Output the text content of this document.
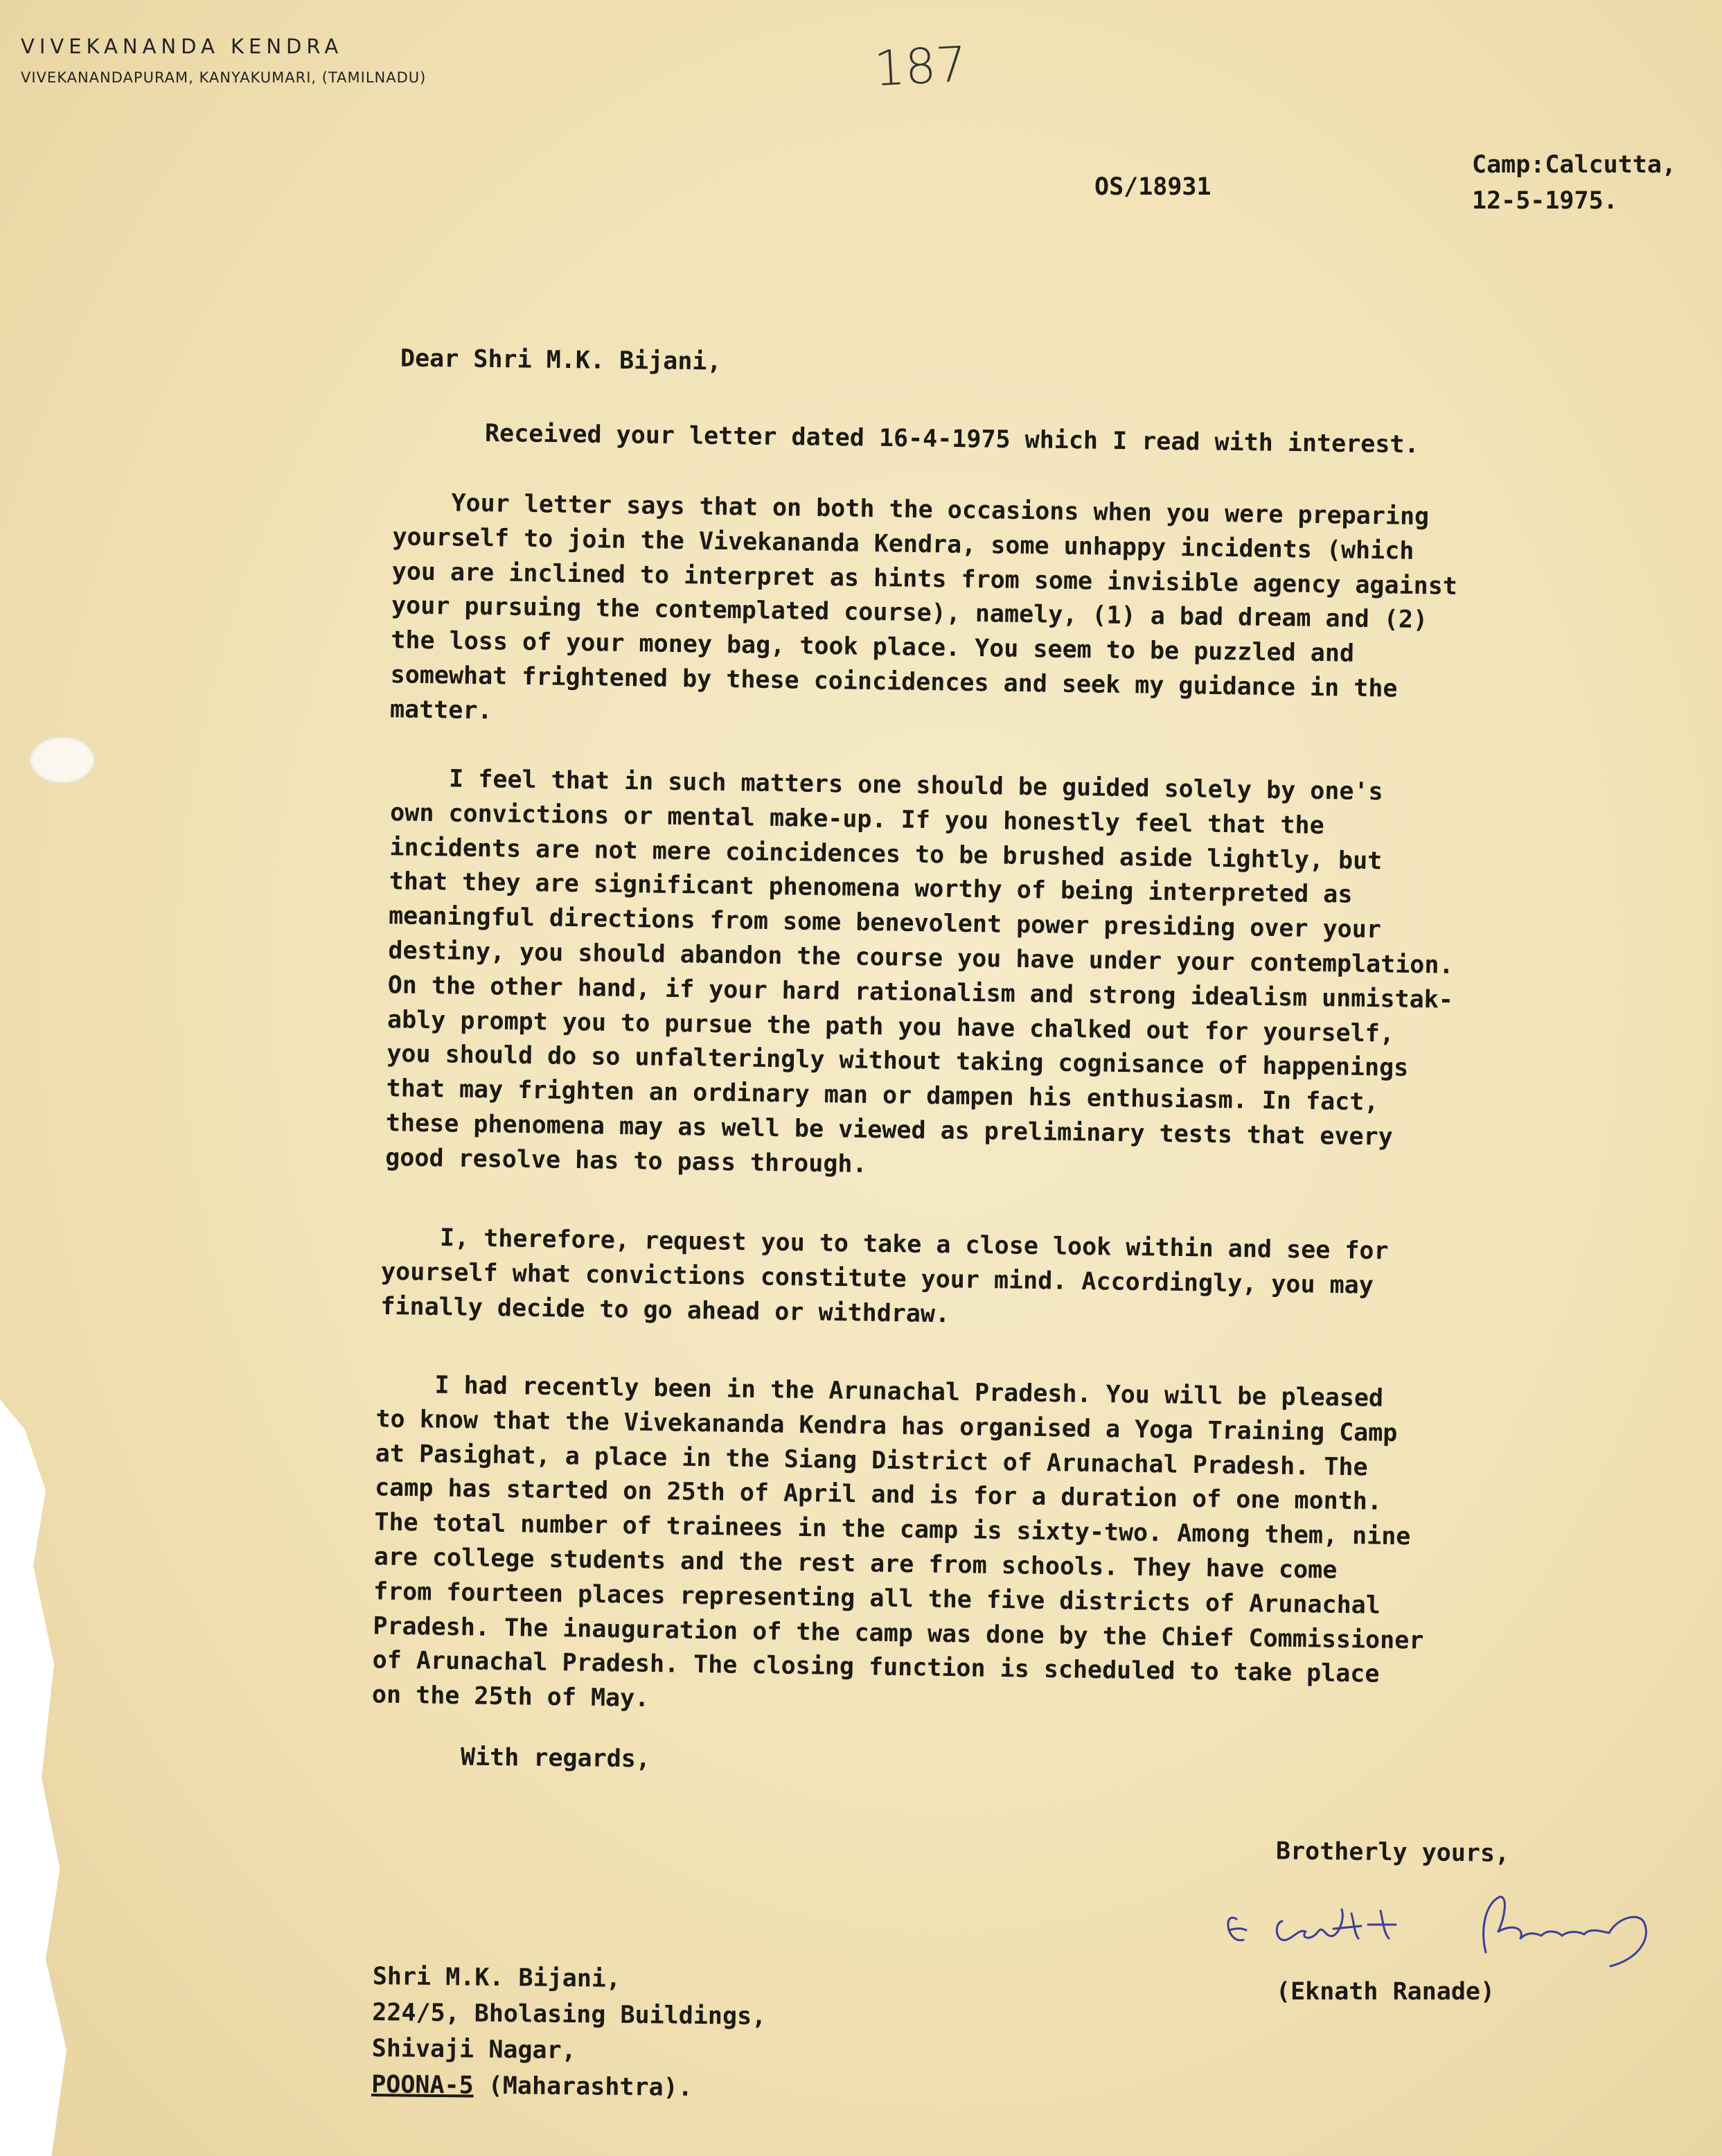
VIVEKANANDA KENDRA
VIVEKANANDAPURAM, KANYAKUMARI, (TAMILNADU)	187
OS/18931
Camp:Calcutta,
12-5-1975.
Dear Shri M.K. Bijani,
Received your letter dated 16-4-1975 which I read with interest.
Your letter says that on both the occasions when you were preparing
yourself to join the Vivekananda Kendra, some unhappy incidents (which
you are inclined to interpret as hints from some invisible agency against
your pursuing the contemplated course), namely, (1) a bad dream and (2)
the loss of your money bag, took place. You seem to be puzzled and
somewhat frightened by these coincidences and seek my guidance in the
matter.
I feel that in such matters one should be guided solely by one's
own convictions or mental make-up. If you honestly feel that the
incidents are not mere coincidences to be brushed aside lightly, but
that they are significant phenomena worthy of being interpreted as
meaningful directions from some benevolent power presiding over your
destiny, you should abandon the course you have under your contemplation.
On the other hand, if your hard rationalism and strong idealism unmistak-
ably prompt you to pursue the path you have chalked out for yourself,
you should do so unfalteringly without taking cognisance of happenings
that may frighten an ordinary man or dampen his enthusiasm. In fact,
these phenomena may as well be viewed as preliminary tests that every
good resolve has to pass through.
I, therefore, request you to take a close look within and see for
yourself what convictions constitute your mind. Accordingly, you may
finally decide to go ahead or withdraw.
I had recently been in the Arunachal Pradesh. You will be pleased
to know that the Vivekananda Kendra has organised a Yoga Training Camp
at Pasighat, a place in the Siang District of Arunachal Pradesh. The
camp has started on 25th of April and is for a duration of one month.
The total number of trainees in the camp is sixty-two. Among them, nine
are college students and the rest are from schools. They have come
from fourteen places representing all the five districts of Arunachal
Pradesh. The inauguration of the camp was done by the Chief Commissioner
of Arunachal Pradesh. The closing function is scheduled to take place
on the 25th of May.
With regards,
Brotherly yours,
(Eknath Ranade)
Shri M.K. Bijani,
224/5, Bholasing Buildings,
Shivaji Nagar,
POONA-5 (Maharashtra).
